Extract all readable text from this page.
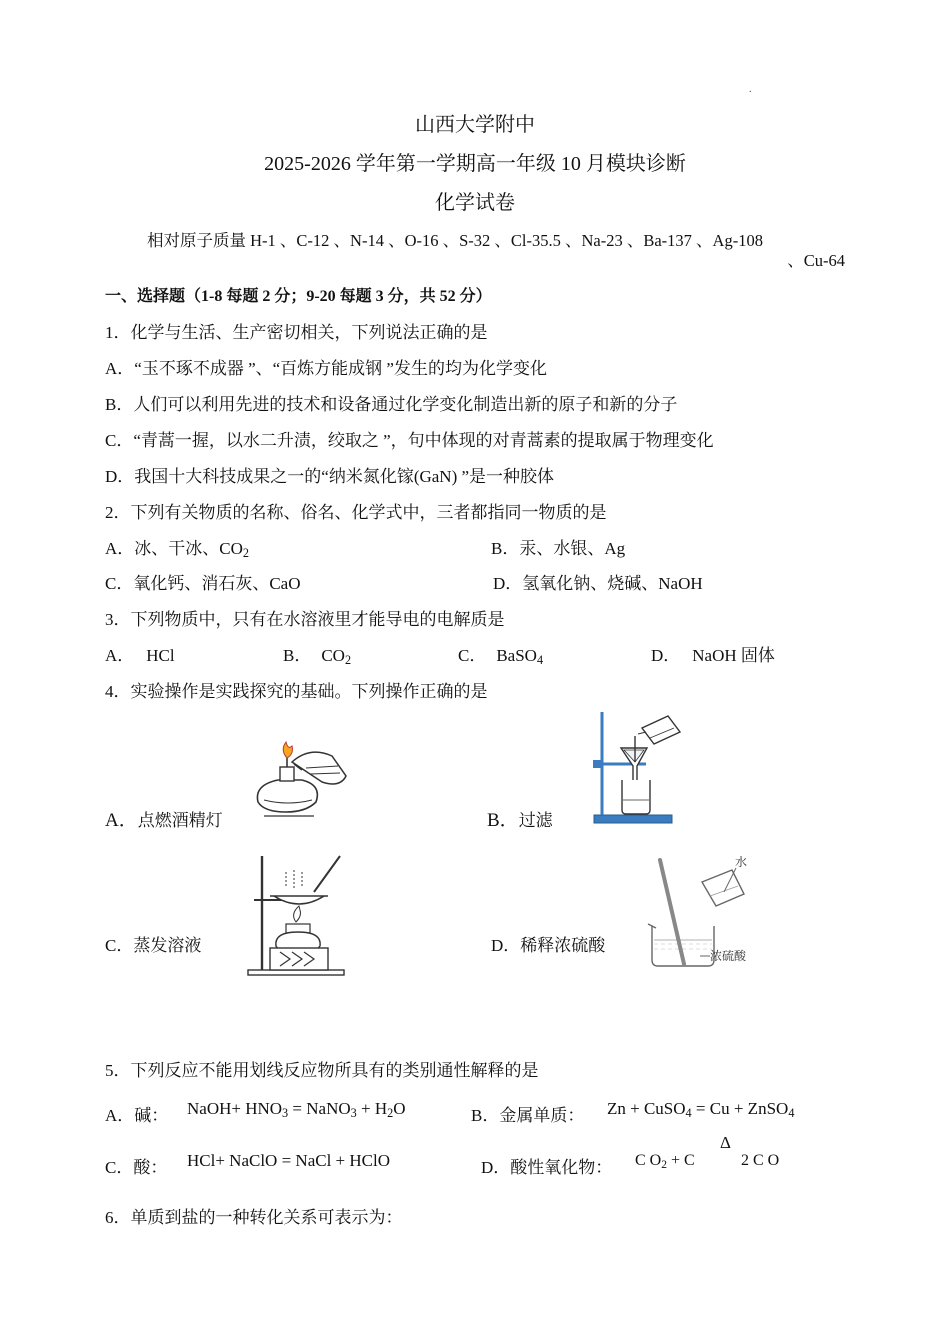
.
山西大学附中
2025-2026 学年第一学期高一年级 10 月模块诊断
化学试卷
相对原子质量 H-1 、C-12 、N-14 、O-16 、S-32 、Cl-35.5 、Na-23 、Ba-137 、Ag-108
、Cu-64
一、选择题（1-8 每题 2 分；9-20 每题 3 分，共 52 分）
1．化学与生活、生产密切相关，下列说法正确的是
A．“玉不琢不成器 ”、“百炼方能成钢 ”发生的均为化学变化
B．人们可以利用先进的技术和设备通过化学变化制造出新的原子和新的分子
C．“青蒿一握，以水二升渍，绞取之 ”，句中体现的对青蒿素的提取属于物理变化
D．我国十大科技成果之一的“纳米氮化镓(GaN) ”是一种胶体
2．下列有关物质的名称、俗名、化学式中，三者都指同一物质的是
A．冰、干冰、$CO_2$	B．汞、水银、Ag
C．氧化钙、消石灰、CaO	D．氢氧化钠、烧碱、NaOH
3．下列物质中，只有在水溶液里才能导电的电解质是
A． HCl	B． $CO_2$	C． BaSO$_4$	D． NaOH 固体
4．实验操作是实践探究的基础。下列操作正确的是
A．点燃酒精灯	B．过滤
C．蒸发溶液	D．稀释浓硫酸
水
浓硫酸
5．下列反应不能用划线反应物所具有的类别通性解释的是
A．碱： NaOH+ $HNO_3$ = NaNO$_3$ + $H_2O$	B．金属单质： Zn + CuSO$_4$ = Cu + ZnSO$_4$
C．酸： HCl+ NaClO = NaCl + HClO	D．酸性氧化物： C $O_2 + C$
Δ
2 C O
6．单质到盐的一种转化关系可表示为：
